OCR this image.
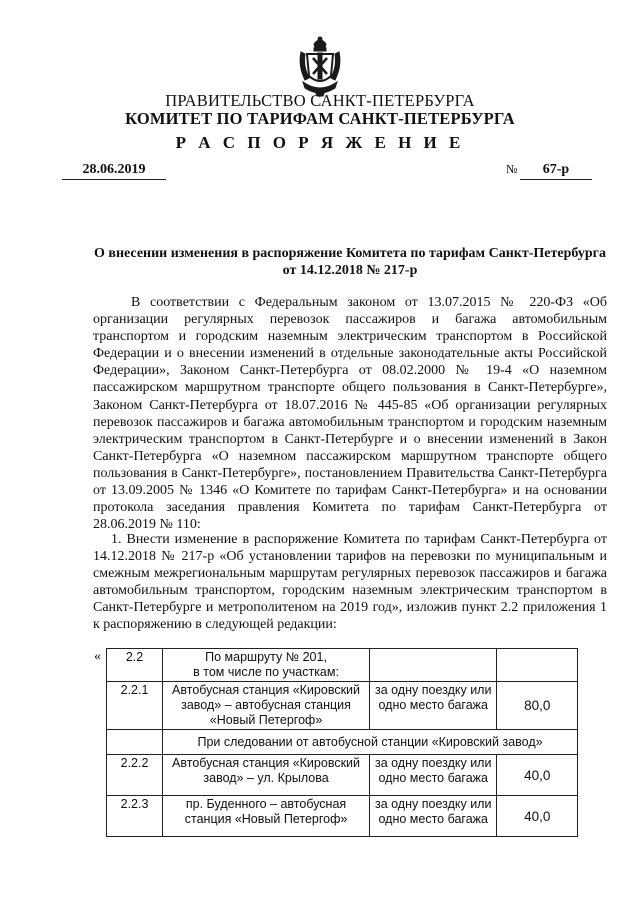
ПРАВИТЕЛЬСТВО САНКТ-ПЕТЕРБУРГА
КОМИТЕТ ПО ТАРИФАМ САНКТ-ПЕТЕРБУРГА
Р А С П О Р Я Ж Е Н И Е
28.06.2019	№ 67-р
О внесении изменения в распоряжение Комитета по тарифам Санкт-Петербурга
от 14.12.2018 № 217-р
В соответствии с Федеральным законом от 13.07.2015 № 220-ФЗ «Об организации регулярных перевозок пассажиров и багажа автомобильным транспортом и городским наземным электрическим транспортом в Российской Федерации и о внесении изменений в отдельные законодательные акты Российской Федерации», Законом Санкт-Петербурга от 08.02.2000 № 19-4 «О наземном пассажирском маршрутном транспорте общего пользования в Санкт-Петербурге», Законом Санкт-Петербурга от 18.07.2016 № 445-85 «Об организации регулярных перевозок пассажиров и багажа автомобильным транспортом и городским наземным электрическим транспортом в Санкт-Петербурге и о внесении изменений в Закон Санкт-Петербурга «О наземном пассажирском маршрутном транспорте общего пользования в Санкт-Петербурге», постановлением Правительства Санкт-Петербурга от 13.09.2005 № 1346 «О Комитете по тарифам Санкт-Петербурга» и на основании протокола заседания правления Комитета по тарифам Санкт-Петербурга от 28.06.2019 № 110:
1. Внести изменение в распоряжение Комитета по тарифам Санкт-Петербурга от 14.12.2018 № 217-р «Об установлении тарифов на перевозки по муниципальным и смежным межрегиональным маршрутам регулярных перевозок пассажиров и багажа автомобильным транспортом, городским наземным электрическим транспортом в Санкт-Петербурге и метрополитеном на 2019 год», изложив пункт 2.2 приложения 1 к распоряжению в следующей редакции:
« 2.2	По маршруту № 201,
в том числе по участкам:		

2.2.1	Автобусная станция «Кировский завод» – автобусная станция «Новый Петергоф»	за одну поездку или одно место багажа	80,0
	При следовании от автобусной станции «Кировский завод»		
2.2.2	Автобусная станция «Кировский завод» – ул. Крылова	за одну поездку или одно место багажа	40,0
2.2.3	пр. Буденного – автобусная станция «Новый Петергоф»	за одну поездку или одно место багажа	40,0
